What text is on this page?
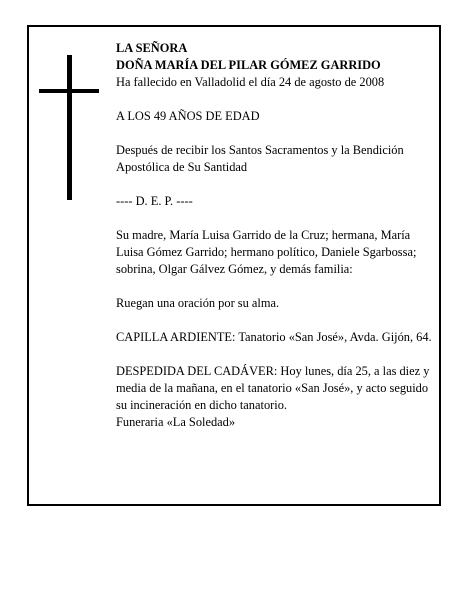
LA SEÑORA
DOÑA MARÍA DEL PILAR GÓMEZ GARRIDO

Ha fallecido en Valladolid el día 24 de agosto de 2008

A LOS 49 AÑOS DE EDAD

Después de recibir los Santos Sacramentos y la Bendición Apostólica de Su Santidad

---- D. E. P. ----

Su madre, María Luisa Garrido de la Cruz; hermana, María Luisa Gómez Garrido; hermano político, Daniele Sgarbossa; sobrina, Olgar Gálvez Gómez, y demás familia:

Ruegan una oración por su alma.

CAPILLA ARDIENTE: Tanatorio «San José», Avda. Gijón, 64.

DESPEDIDA DEL CADÁVER: Hoy lunes, día 25, a las diez y media de la mañana, en el tanatorio «San José», y acto seguido su incineración en dicho tanatorio.

Funeraria «La Soledad»
